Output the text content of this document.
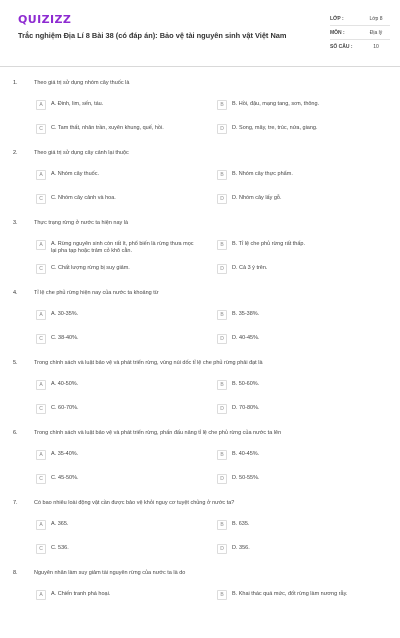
QUIZIZZ
Trắc nghiệm Địa Lí 8 Bài 38 (có đáp án): Bảo vệ tài nguyên sinh vật Việt Nam
LỚP :	Lớp 8
MÔN :	Địa lý
SỐ CÂU :	10
1.	Theo giá trị sử dụng nhóm cây thuốc là
A	A. Đinh, lim, sến, táu.	B	B. Hồi, đậu, mạng tang, sơn, thông.
C	C. Tam thất, nhân trần, xuyên khung, quế, hồi.	D	D. Song, mây, tre, trúc, nứa, giang.
2.	Theo giá trị sử dụng cây cảnh lại thuộc
A	A. Nhóm cây thuốc.	B	B. Nhóm cây thực phẩm.
C	C. Nhóm cây cảnh và hoa.	D	D. Nhóm cây lấy gỗ.
3.	Thực trạng rừng ở nước ta hiện nay là
A	A. Rừng nguyên sinh còn rất ít, phổ biến là rừng thưa mọc lại pha tạp hoặc trảm cỏ khô cằn.
B	B. Tỉ lệ che phủ rừng rất thấp.
C	C. Chất lượng rừng bị suy giảm.	D	D. Cả 3 ý trên.
4.	Tỉ lệ che phủ rừng hiện nay của nước ta khoảng từ
A	A. 30-35%.	B	B. 35-38%.
C	C. 38-40%.	D	D. 40-45%.
5.	Trong chính sách và luật bảo vệ và phát triển rừng, vùng núi dốc tỉ lệ che phủ rừng phải đạt là
A	A. 40-50%.	B	B. 50-60%.
C	C. 60-70%.	D	D. 70-80%.
6.	Trong chính sách và luật bảo vệ và phát triển rừng, phấn đấu nâng tỉ lệ che phủ rừng của nước ta lên
A	A. 35-40%.	B	B. 40-45%.
C	C. 45-50%.	D	D. 50-55%.
7.	Có bao nhiêu loài động vật cần được bảo vệ khỏi nguy cơ tuyệt chủng ở nước ta?
A	A. 365.	B	B. 635.
C	C. 536.	D	D. 356.
8.	Nguyên nhân làm suy giảm tài nguyên rừng của nước ta là do
A	A. Chiến tranh phá hoại.	B	B. Khai thác quá mức, đốt rừng làm nương rẫy.
